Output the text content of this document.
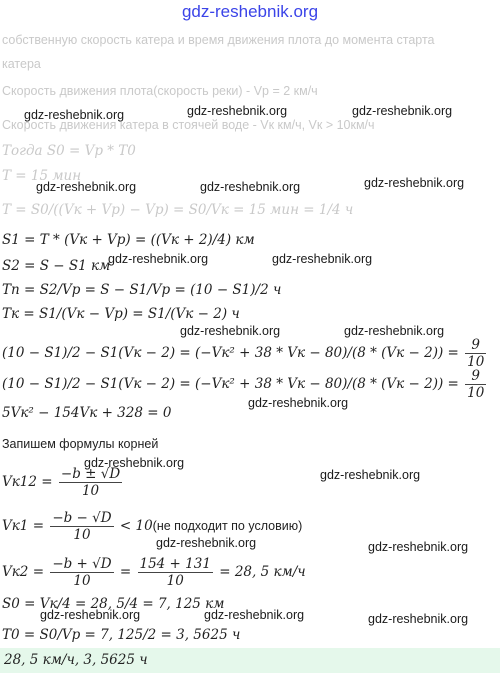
gdz-reshebnik.org
собственную скорость катера и время движения плота до момента старта
катера
Скорость движения плота(скорость реки) - Vp = 2 км/ч
Скорость движения катера в стоячей воде - Vк км/ч, Vк > 10км/ч
Тогда S0 = Vp * T0
T = 15 мин
T = S0/((Vк + Vp) − Vp) = S0/Vк = 15 мин = 1/4 ч
S1 = T * (Vк + Vp) = ((Vк + 2)/4) км
S2 = S − S1 км
Tп = S2/Vp = S − S1/Vp = (10 − S1)/2 ч
Tк = S1/(Vк − Vp) = S1/(Vк − 2) ч
(10 − S1)/2 − S1(Vк − 2) = (−Vк² + 38 * Vк − $80)/(8 * (Vк - 2)) = \frac{9}{10}$
(10 − S1)/2 − S1(Vк − 2) = (−Vк² + 38 * Vк − $80)/(8 * (Vк - 2)) = \frac{9}{10}$
5Vк² − 154Vк + 328 = 0
Запишем формулы корней
$Vк12 = \frac{-b \pm √D}{10}$
$Vк1 = \frac{-b - √D}{10} < 10(не$ подходит по условию)
$Vк2 = \frac{-b + √D}{10} = \frac{154 + 131}{10} = 28$, 5 км/ч
S0 = Vк/4 = 28, 5/4 = 7, 125 км
T0 = S0/Vp = 7, 125/2 = 3, 5625 ч
28, 5 км/ч, 3, 5625 ч
gdz-reshebnik.org	gdz-reshebnik.org	gdz-reshebnik.org
gdz-reshebnik.org	gdz-reshebnik.org	gdz-reshebnik.org
gdz-reshebnik.org	gdz-reshebnik.org
gdz-reshebnik.org	gdz-reshebnik.org
gdz-reshebnik.org
gdz-reshebnik.org
gdz-reshebnik.org
gdz-reshebnik.org	gdz-reshebnik.org
gdz-reshebnik.org	gdz-reshebnik.org	gdz-reshebnik.org
